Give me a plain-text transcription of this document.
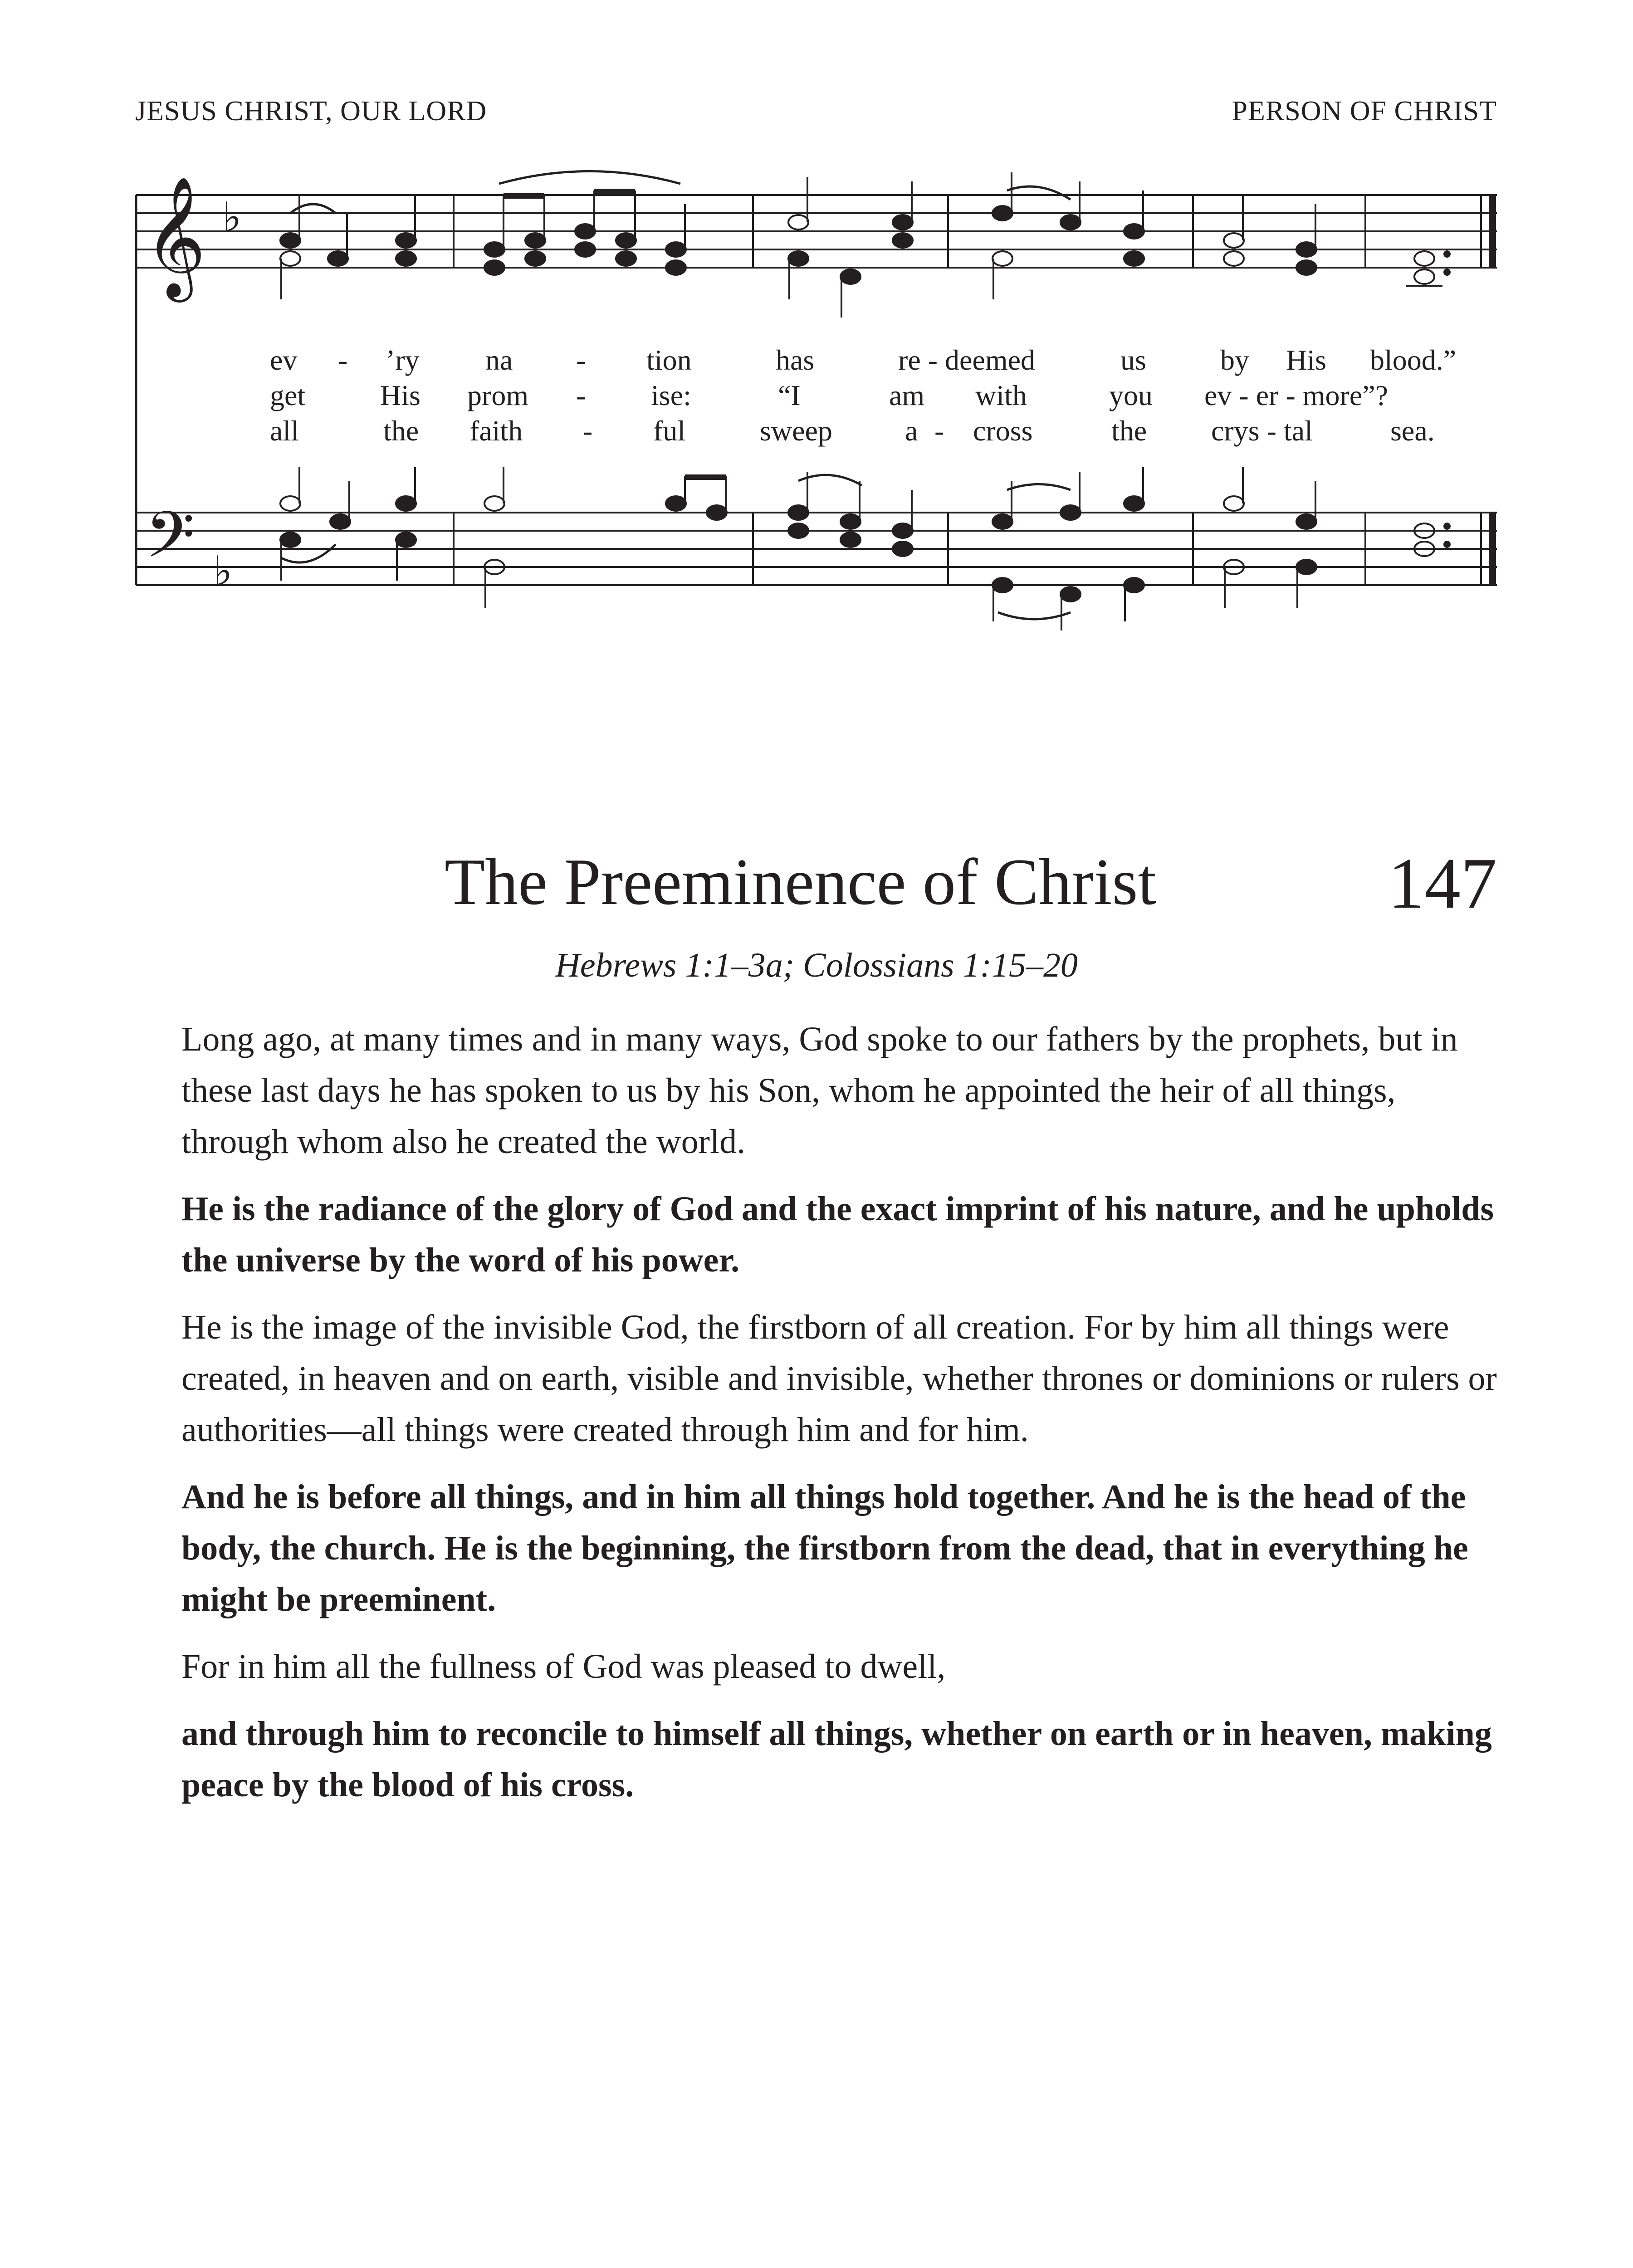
JESUS CHRIST, OUR LORD	PERSON OF CHRIST
𝄞
𝄢
♭
♭
ev - ’ry na - tion	has	re - deemed	us	by His blood.”
get	His prom - ise:	“I	am with	you ev - er - more”?
all	the faith - ful	sweep	a - cross	the crys - tal	sea.
The Preeminence of Christ	147
Hebrews 1:1–3a; Colossians 1:15–20

Long ago, at many times and in many ways, God spoke to our fathers by the prophets, but in these last days he has spoken to us by his Son, whom he appointed the heir of all things, through whom also he created the world.

He is the radiance of the glory of God and the exact imprint of his nature, and he upholds the universe by the word of his power.

He is the image of the invisible God, the firstborn of all creation. For by him all things were created, in heaven and on earth, visible and invisible, whether thrones or dominions or rulers or authorities—all things were created through him and for him.

And he is before all things, and in him all things hold together. And he is the head of the body, the church. He is the beginning, the firstborn from the dead, that in everything he might be preeminent.

For in him all the fullness of God was pleased to dwell,

and through him to reconcile to himself all things, whether on earth or in heaven, making peace by the blood of his cross.
